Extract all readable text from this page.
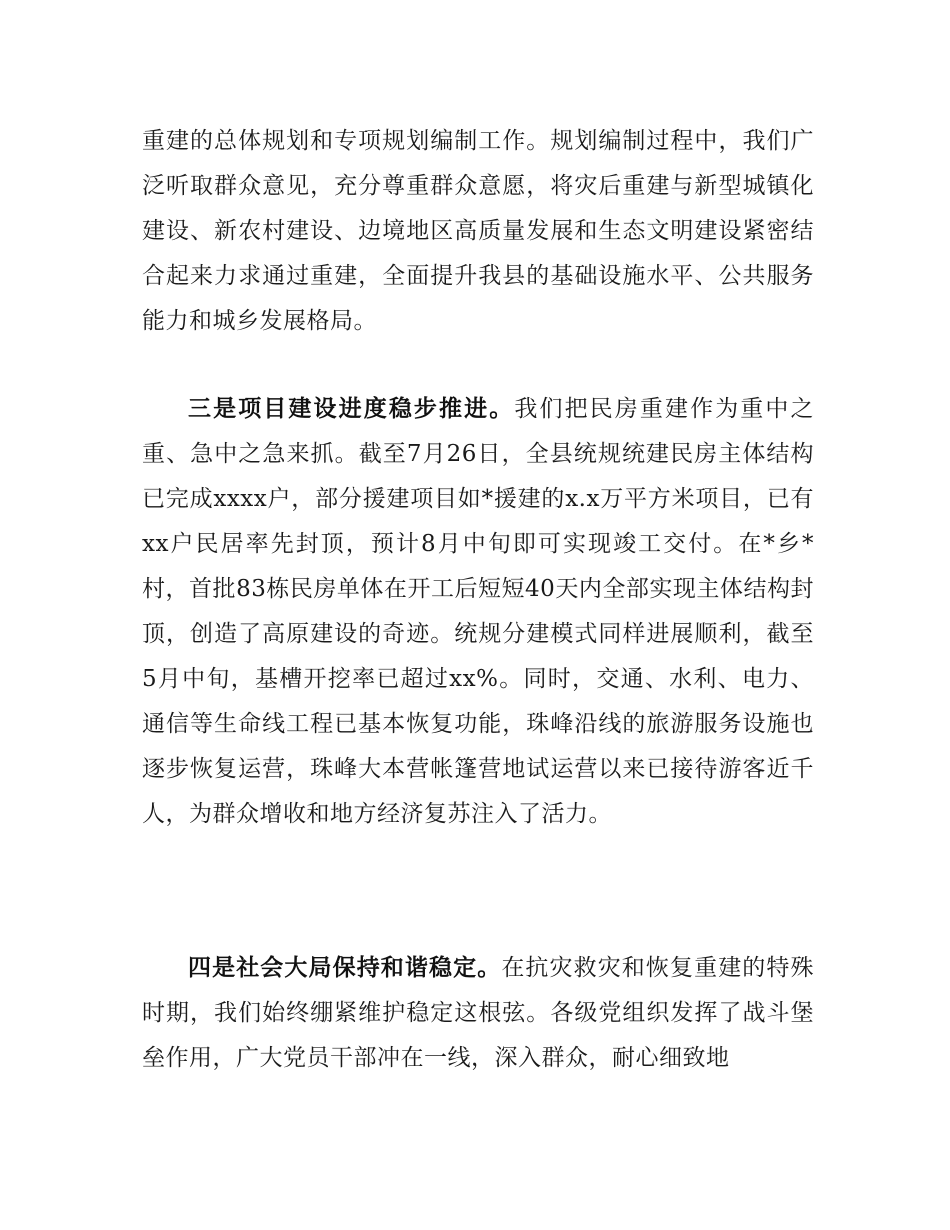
重建的总体规划和专项规划编制工作。规划编制过程中，我们广泛听取群众意见，充分尊重群众意愿，将灾后重建与新型城镇化建设、新农村建设、边境地区高质量发展和生态文明建设紧密结合起来力求通过重建，全面提升我县的基础设施水平、公共服务能力和城乡发展格局。

三是项目建设进度稳步推进。我们把民房重建作为重中之重、急中之急来抓。截至7月26日，全县统规统建民房主体结构已完成xxxx户，部分援建项目如*援建的x.x万平方米项目，已有xx户民居率先封顶，预计8月中旬即可实现竣工交付。在*乡*村，首批83栋民房单体在开工后短短40天内全部实现主体结构封顶，创造了高原建设的奇迹。统规分建模式同样进展顺利，截至5月中旬，基槽开挖率已超过xx%。同时，交通、水利、电力、通信等生命线工程已基本恢复功能，珠峰沿线的旅游服务设施也逐步恢复运营，珠峰大本营帐篷营地试运营以来已接待游客近千人，为群众增收和地方经济复苏注入了活力。

四是社会大局保持和谐稳定。在抗灾救灾和恢复重建的特殊时期，我们始终绷紧维护稳定这根弦。各级党组织发挥了战斗堡垒作用，广大党员干部冲在一线，深入群众，耐心细致地
